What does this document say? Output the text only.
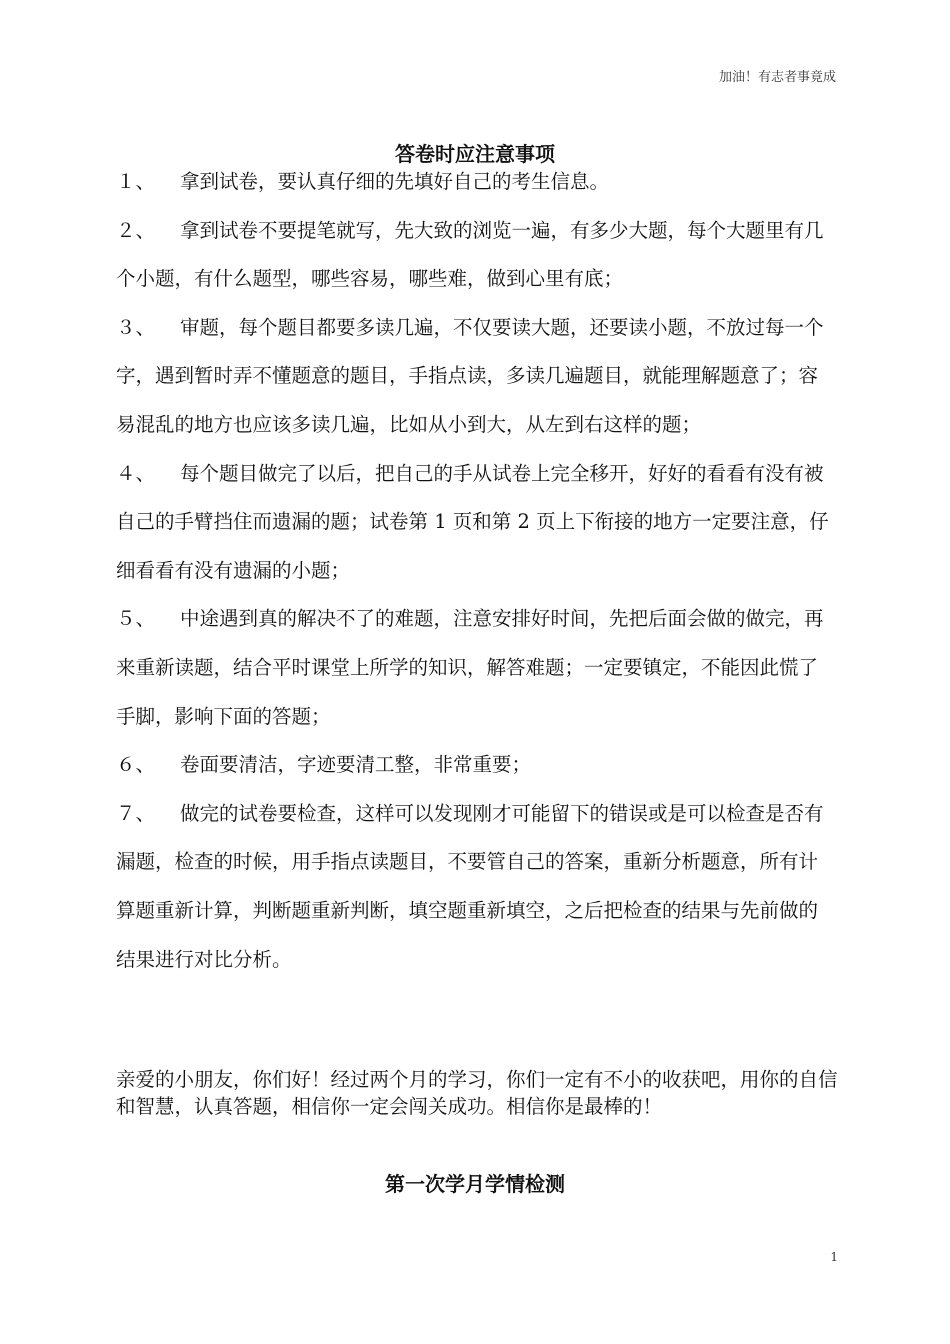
加油！有志者事竟成
答卷时应注意事项

１、 拿到试卷，要认真仔细的先填好自己的考生信息。

２、 拿到试卷不要提笔就写，先大致的浏览一遍，有多少大题，每个大题里有几个小题，有什么题型，哪些容易，哪些难，做到心里有底；

３、 审题，每个题目都要多读几遍，不仅要读大题，还要读小题，不放过每一个字，遇到暂时弄不懂题意的题目，手指点读，多读几遍题目，就能理解题意了；容易混乱的地方也应该多读几遍，比如从小到大，从左到右这样的题；

４、 每个题目做完了以后，把自己的手从试卷上完全移开，好好的看看有没有被自己的手臂挡住而遗漏的题；试卷第 1 页和第 2 页上下衔接的地方一定要注意，仔细看看有没有遗漏的小题；

５、 中途遇到真的解决不了的难题，注意安排好时间，先把后面会做的做完，再来重新读题，结合平时课堂上所学的知识，解答难题；一定要镇定，不能因此慌了手脚，影响下面的答题；

６、 卷面要清洁，字迹要清工整，非常重要；

７、 做完的试卷要检查，这样可以发现刚才可能留下的错误或是可以检查是否有漏题，检查的时候，用手指点读题目，不要管自己的答案，重新分析题意，所有计算题重新计算，判断题重新判断，填空题重新填空，之后把检查的结果与先前做的结果进行对比分析。

亲爱的小朋友，你们好！经过两个月的学习，你们一定有不小的收获吧，用你的自信和智慧，认真答题，相信你一定会闯关成功。相信你是最棒的！

第一次学月学情检测
1
